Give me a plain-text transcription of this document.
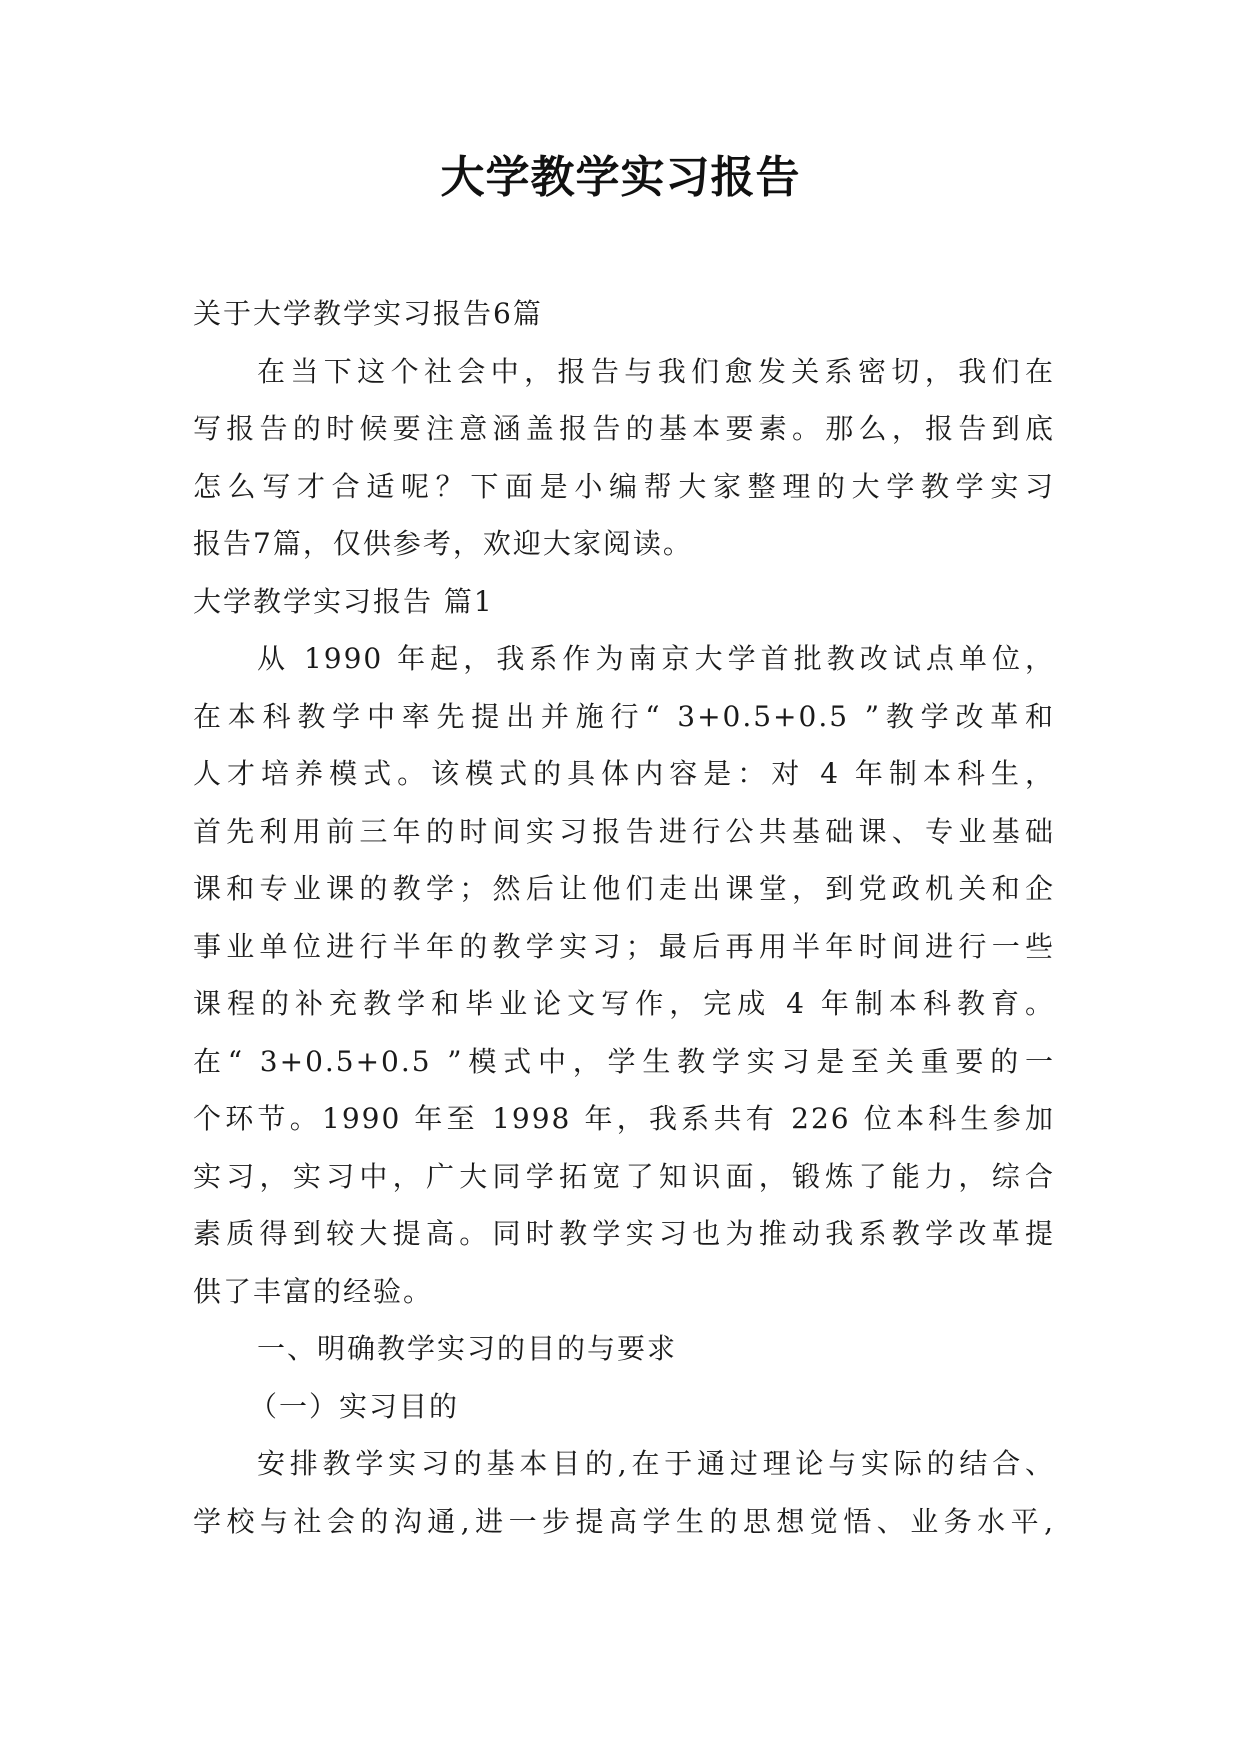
大学教学实习报告
关于大学教学实习报告6篇
在当下这个社会中，报告与我们愈发关系密切，我们在
写报告的时候要注意涵盖报告的基本要素。那么，报告到底
怎么写才合适呢？下面是小编帮大家整理的大学教学实习
报告7篇，仅供参考，欢迎大家阅读。
大学教学实习报告 篇1
从 1990 年起，我系作为南京大学首批教改试点单位，
在本科教学中率先提出并施行“ 3+0.5+0.5 ”教学改革和
人才培养模式。该模式的具体内容是：对 4 年制本科生，
首先利用前三年的时间实习报告进行公共基础课、专业基础
课和专业课的教学；然后让他们走出课堂，到党政机关和企
事业单位进行半年的教学实习；最后再用半年时间进行一些
课程的补充教学和毕业论文写作，完成 4 年制本科教育。
在“ 3+0.5+0.5 ”模式中，学生教学实习是至关重要的一
个环节。1990 年至 1998 年，我系共有 226 位本科生参加
实习，实习中，广大同学拓宽了知识面，锻炼了能力，综合
素质得到较大提高。同时教学实习也为推动我系教学改革提
供了丰富的经验。
一、明确教学实习的目的与要求
（一）实习目的
安排教学实习的基本目的,在于通过理论与实际的结合、
学校与社会的沟通,进一步提高学生的思想觉悟、业务水平,
